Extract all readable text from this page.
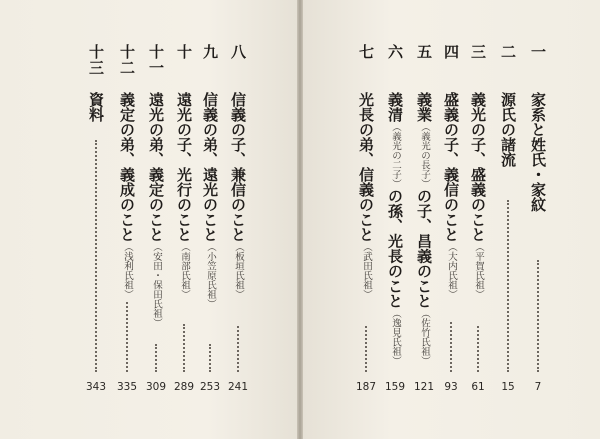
十三
資料
343
十二
義定の弟、義成のこと（浅利氏祖）
335
十一
遠光の弟、義定のこと（安田・保田氏祖）
309
十
遠光の子、光行のこと（南部氏祖）
289
九
信義の弟、遠光のこと（小笠原氏祖）
253
八
信義の子、兼信のこと（板垣氏祖）
241
七
光長の弟、信義のこと（武田氏祖）
187
六
義清（義光の二子）の孫、光長のこと（逸見氏祖）
159
五
義業（義光の長子）の子、昌義のこと（佐竹氏祖）
121
四
盛義の子、義信のこと（大内氏祖）
93
三
義光の子、盛義のこと（平賀氏祖）
61
二
源氏の諸流
15
一
家系と姓氏・家紋
7
